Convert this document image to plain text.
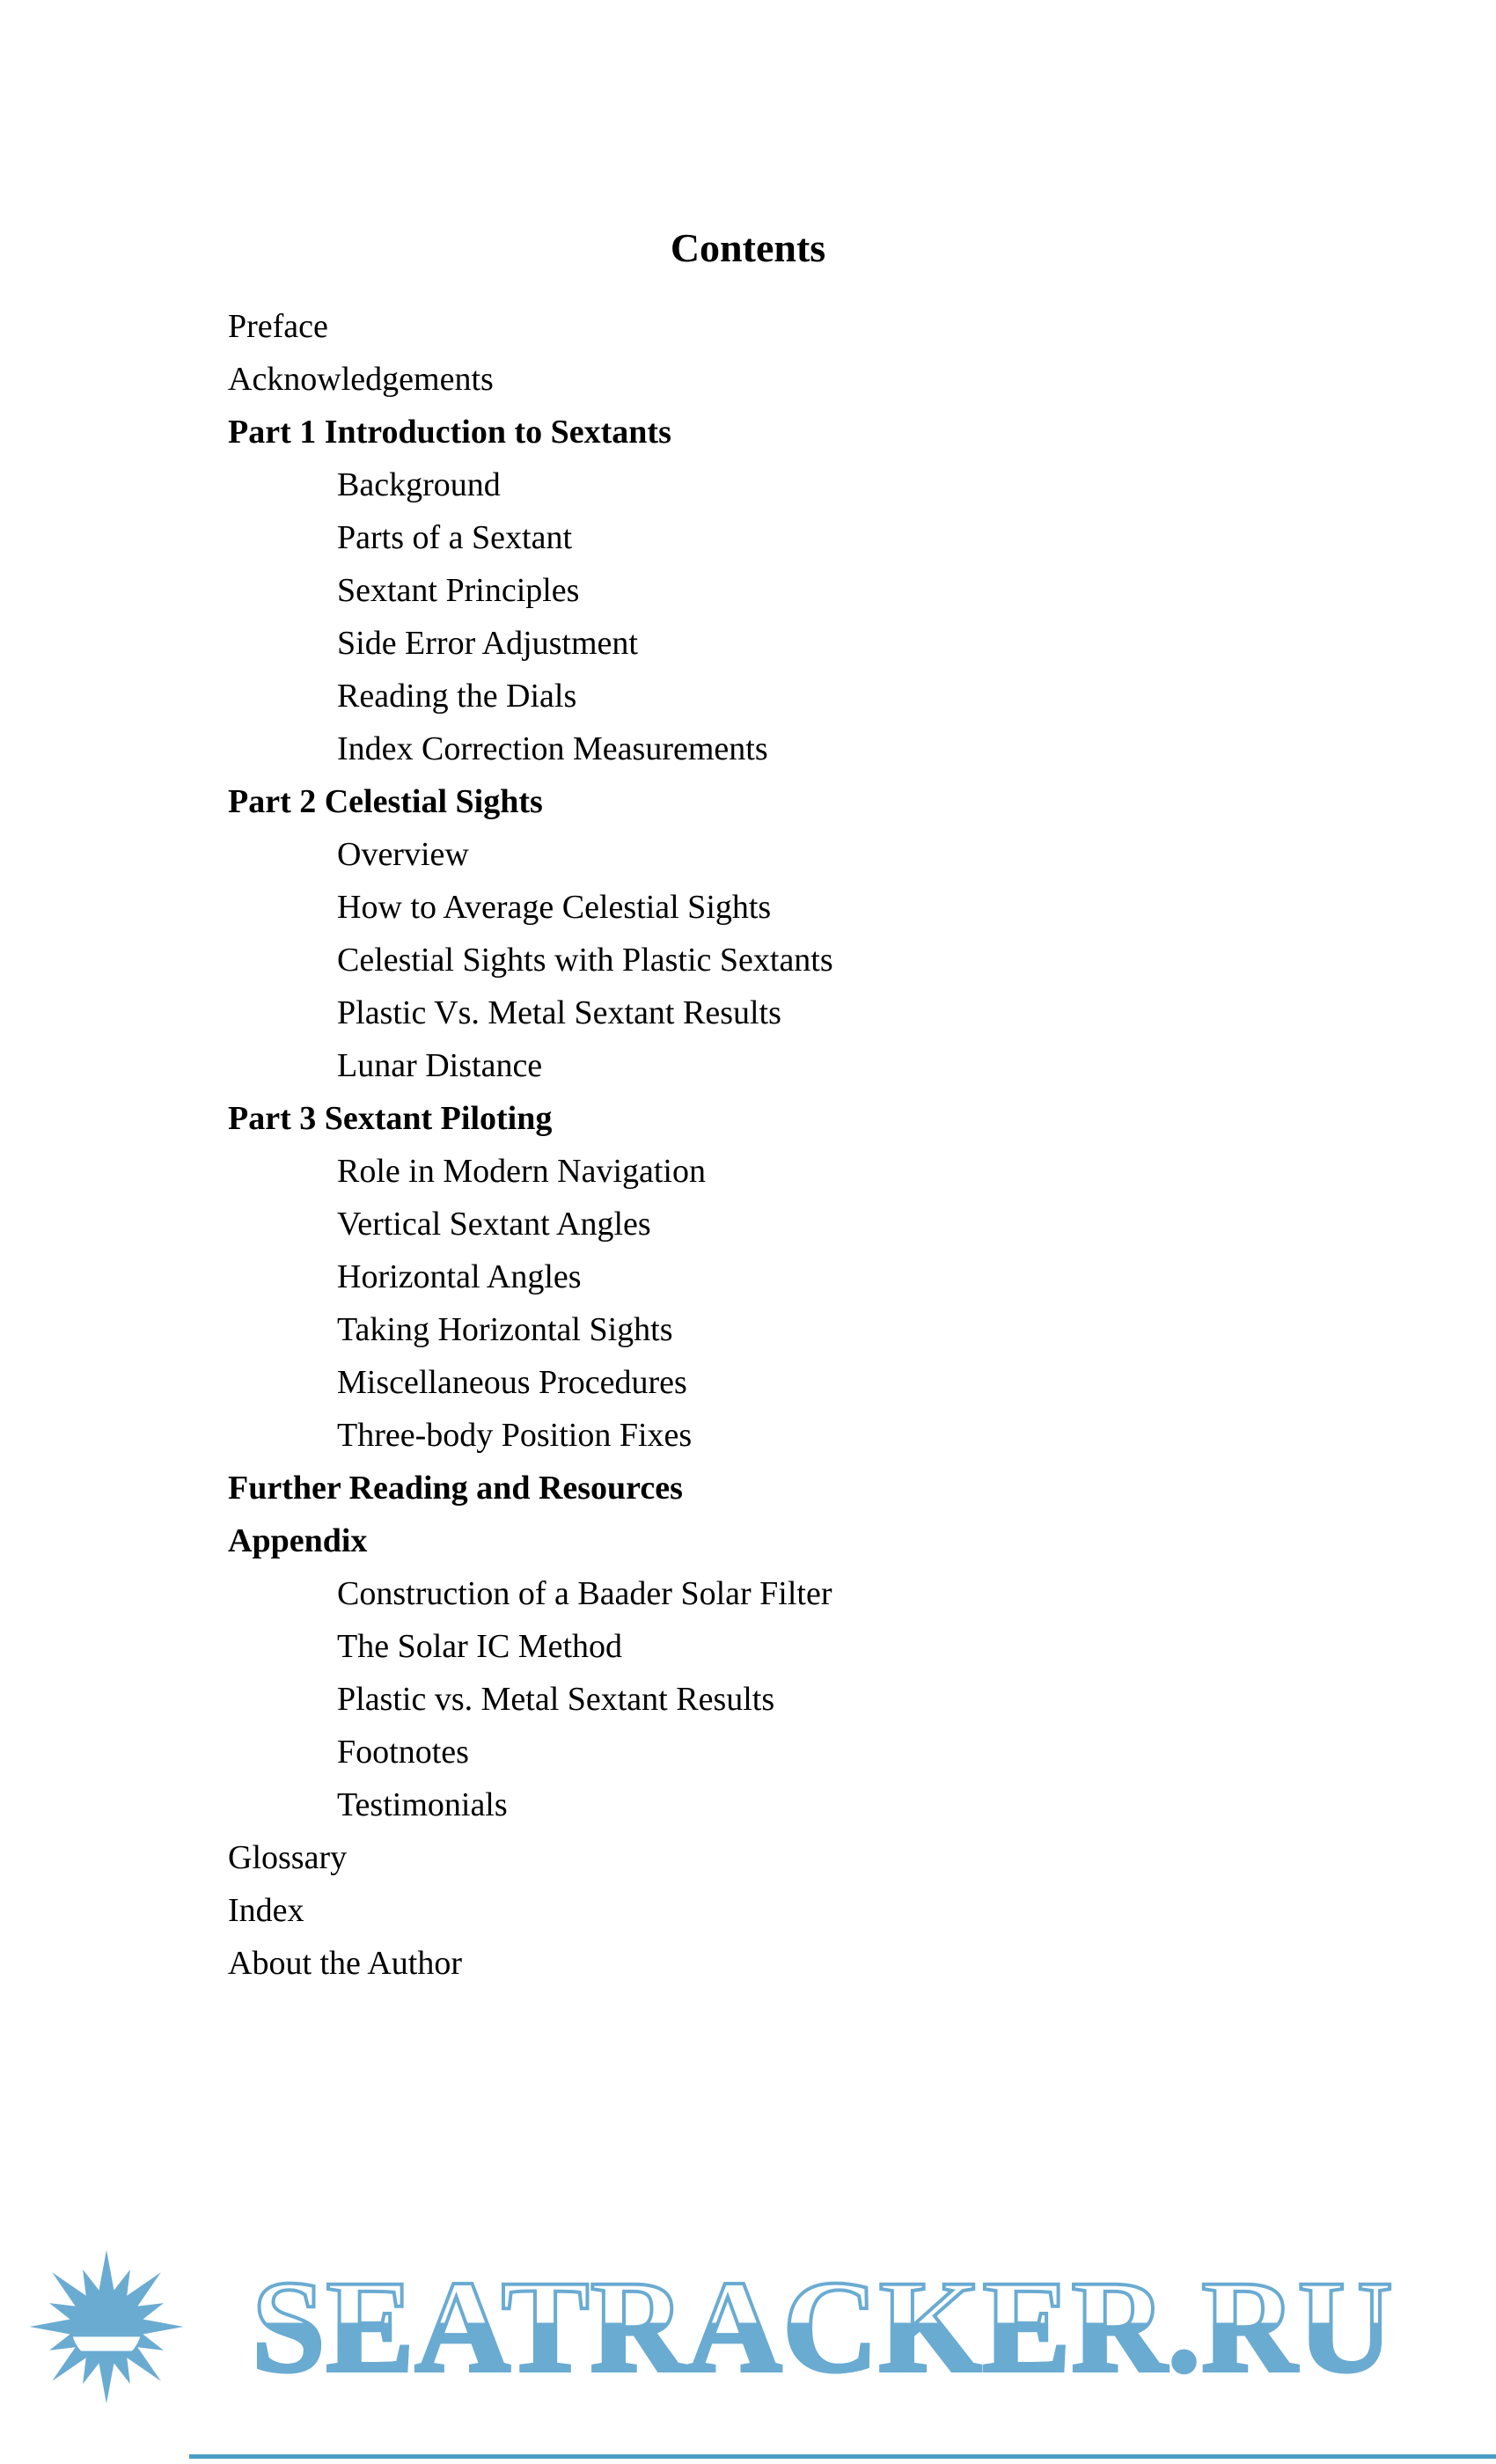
Contents
Preface
Acknowledgements
Part 1 Introduction to Sextants
Background
Parts of a Sextant
Sextant Principles
Side Error Adjustment
Reading the Dials
Index Correction Measurements
Part 2 Celestial Sights
Overview
How to Average Celestial Sights
Celestial Sights with Plastic Sextants
Plastic Vs. Metal Sextant Results
Lunar Distance
Part 3 Sextant Piloting
Role in Modern Navigation
Vertical Sextant Angles
Horizontal Angles
Taking Horizontal Sights
Miscellaneous Procedures
Three-body Position Fixes
Further Reading and Resources
Appendix
Construction of a Baader Solar Filter
The Solar IC Method
Plastic vs. Metal Sextant Results
Footnotes
Testimonials
Glossary
Index
About the Author
SEATRACKER.RU
